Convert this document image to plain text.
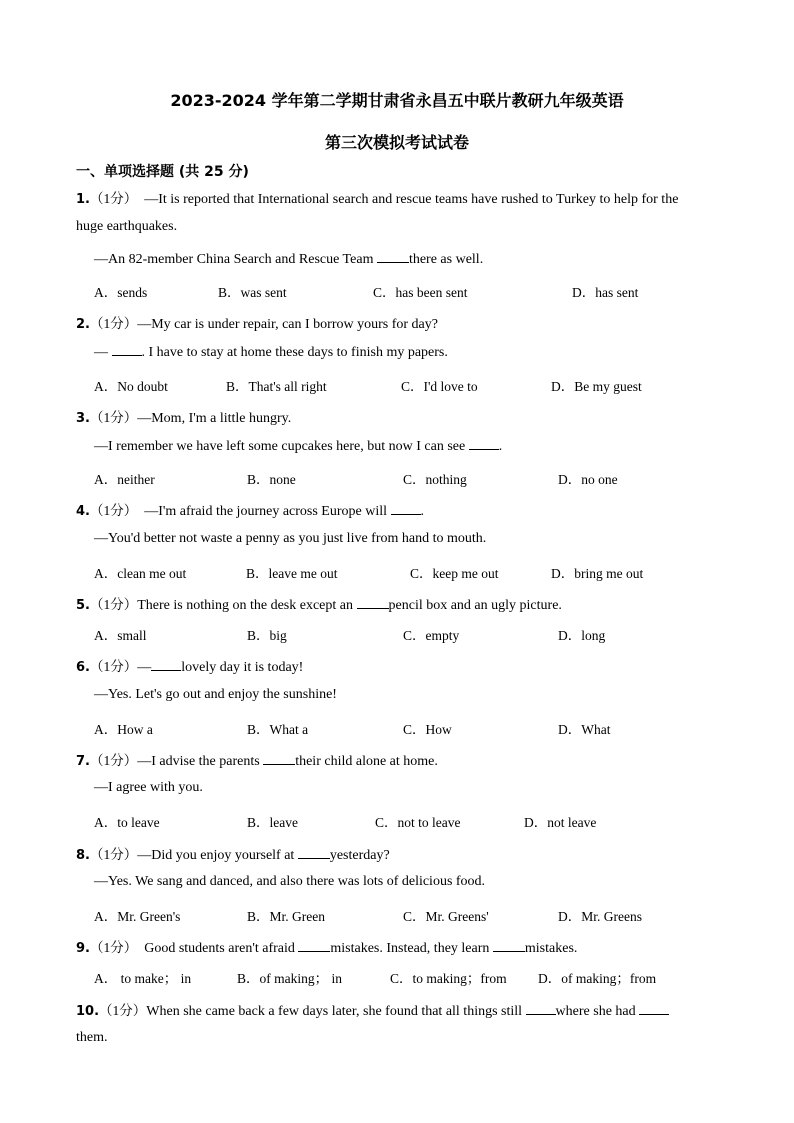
2023-2024 学年第二学期甘肃省永昌五中联片教研九年级英语
第三次模拟考试试卷
一、单项选择题 (共 25 分)
1.（1分） —It is reported that International search and rescue teams have rushed to Turkey to help for the
huge earthquakes.
—An 82-member China Search and Rescue Team there as well.
A．sends	B．was sent	C．has been sent	D．has sent
2.（1分）—My car is under repair, can I borrow yours for day?
— . I have to stay at home these days to finish my papers.
A．No doubt	B．That's all right	C．I'd love to	D．Be my guest
3.（1分）—Mom, I'm a little hungry.
—I remember we have left some cupcakes here, but now I can see .
A．neither	B．none	C．nothing	D．no one
4.（1分） —I'm afraid the journey across Europe will .
—You'd better not waste a penny as you just live from hand to mouth.
A．clean me out	B．leave me out	C．keep me out	D．bring me out
5.（1分）There is nothing on the desk except an pencil box and an ugly picture.
A．small	B．big	C．empty	D．long
6.（1分）— lovely day it is today!
—Yes. Let's go out and enjoy the sunshine!
A．How a	B．What a	C．How	D．What
7.（1分）—I advise the parents their child alone at home.
—I agree with you.
A．to leave	B．leave	C．not to leave	D．not leave
8.（1分）—Did you enjoy yourself at yesterday?
—Yes. We sang and danced, and also there was lots of delicious food.
A．Mr. Green's	B．Mr. Green	C．Mr. Greens'	D．Mr. Greens
9.（1分） Good students aren't afraid mistakes. Instead, they learn mistakes.
A． to make； in	B．of making； in	C．to making；from D．of making；from
10.（1分）When she came back a few days later, she found that all things still where she had
them.
